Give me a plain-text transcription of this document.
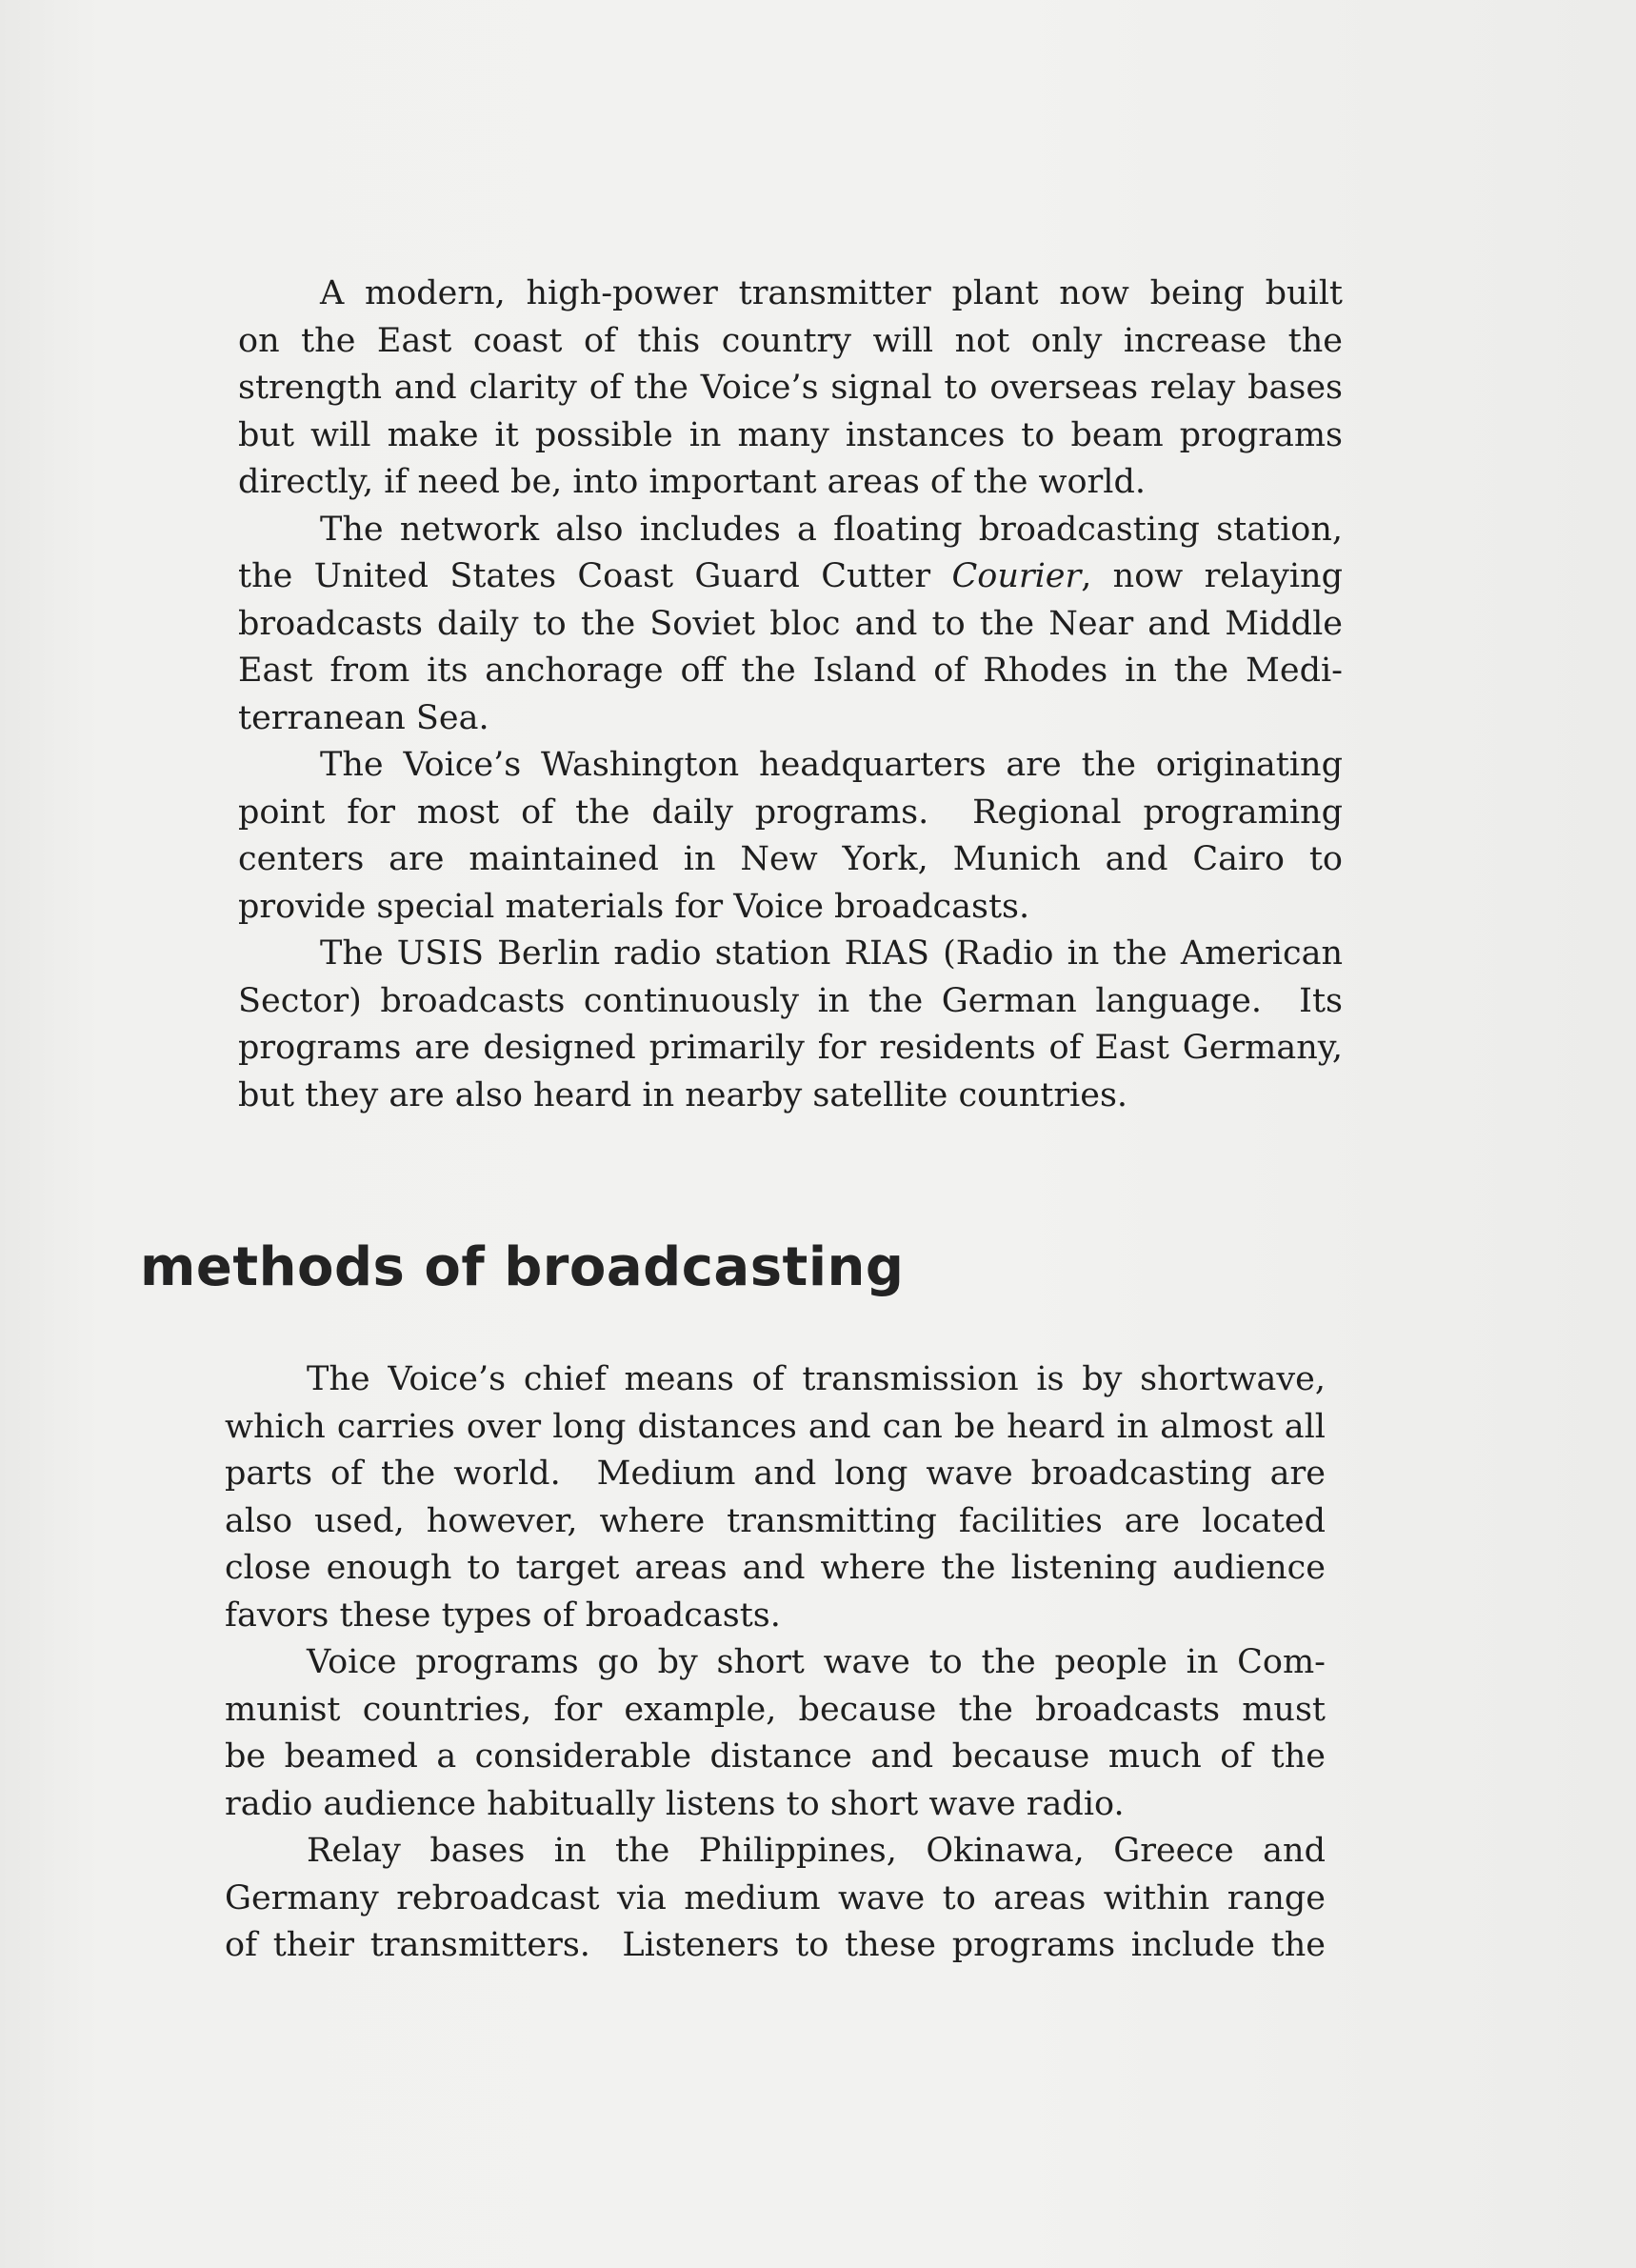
A modern, high-power transmitter plant now being built
on the East coast of this country will not only increase the
strength and clarity of the Voice’s signal to overseas relay bases
but will make it possible in many instances to beam programs
directly, if need be, into important areas of the world.
The network also includes a floating broadcasting station,
the United States Coast Guard Cutter Courier, now relaying
broadcasts daily to the Soviet bloc and to the Near and Middle
East from its anchorage off the Island of Rhodes in the Medi-
terranean Sea.
The Voice’s Washington headquarters are the originating
point for most of the daily programs.  Regional programing
centers are maintained in New York, Munich and Cairo to
provide special materials for Voice broadcasts.
The USIS Berlin radio station RIAS (Radio in the American
Sector) broadcasts continuously in the German language.  Its
programs are designed primarily for residents of East Germany,
but they are also heard in nearby satellite countries.
methods of broadcasting
The Voice’s chief means of transmission is by shortwave,
which carries over long distances and can be heard in almost all
parts of the world.  Medium and long wave broadcasting are
also used, however, where transmitting facilities are located
close enough to target areas and where the listening audience
favors these types of broadcasts.
Voice programs go by short wave to the people in Com-
munist countries, for example, because the broadcasts must
be beamed a considerable distance and because much of the
radio audience habitually listens to short wave radio.
Relay bases in the Philippines, Okinawa, Greece and
Germany rebroadcast via medium wave to areas within range
of their transmitters.  Listeners to these programs include the
